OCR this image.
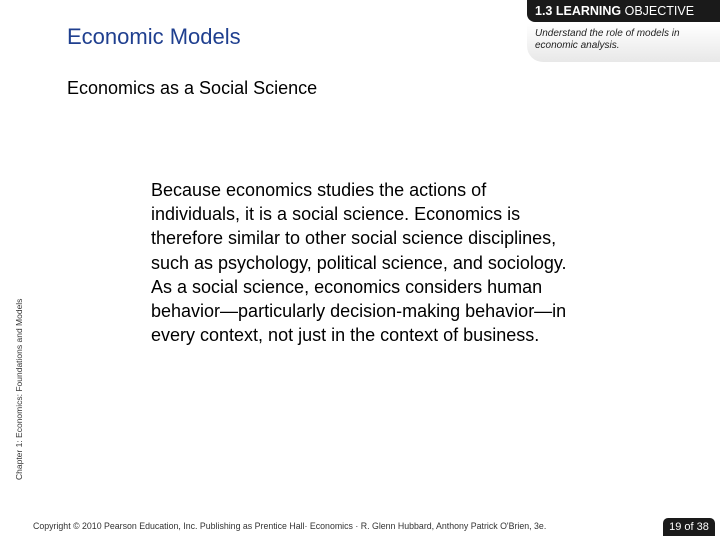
Economic Models
1.3 LEARNING OBJECTIVE
Understand the role of models in economic analysis.
Economics as a Social Science
Chapter 1: Economics: Foundations and Models
Because economics studies the actions of individuals, it is a social science. Economics is therefore similar to other social science disciplines, such as psychology, political science, and sociology. As a social science, economics considers human behavior—particularly decision-making behavior—in every context, not just in the context of business.
Copyright © 2010 Pearson Education, Inc. Publishing as Prentice Hall· Economics · R. Glenn Hubbard, Anthony Patrick O'Brien, 3e.	19 of 38
